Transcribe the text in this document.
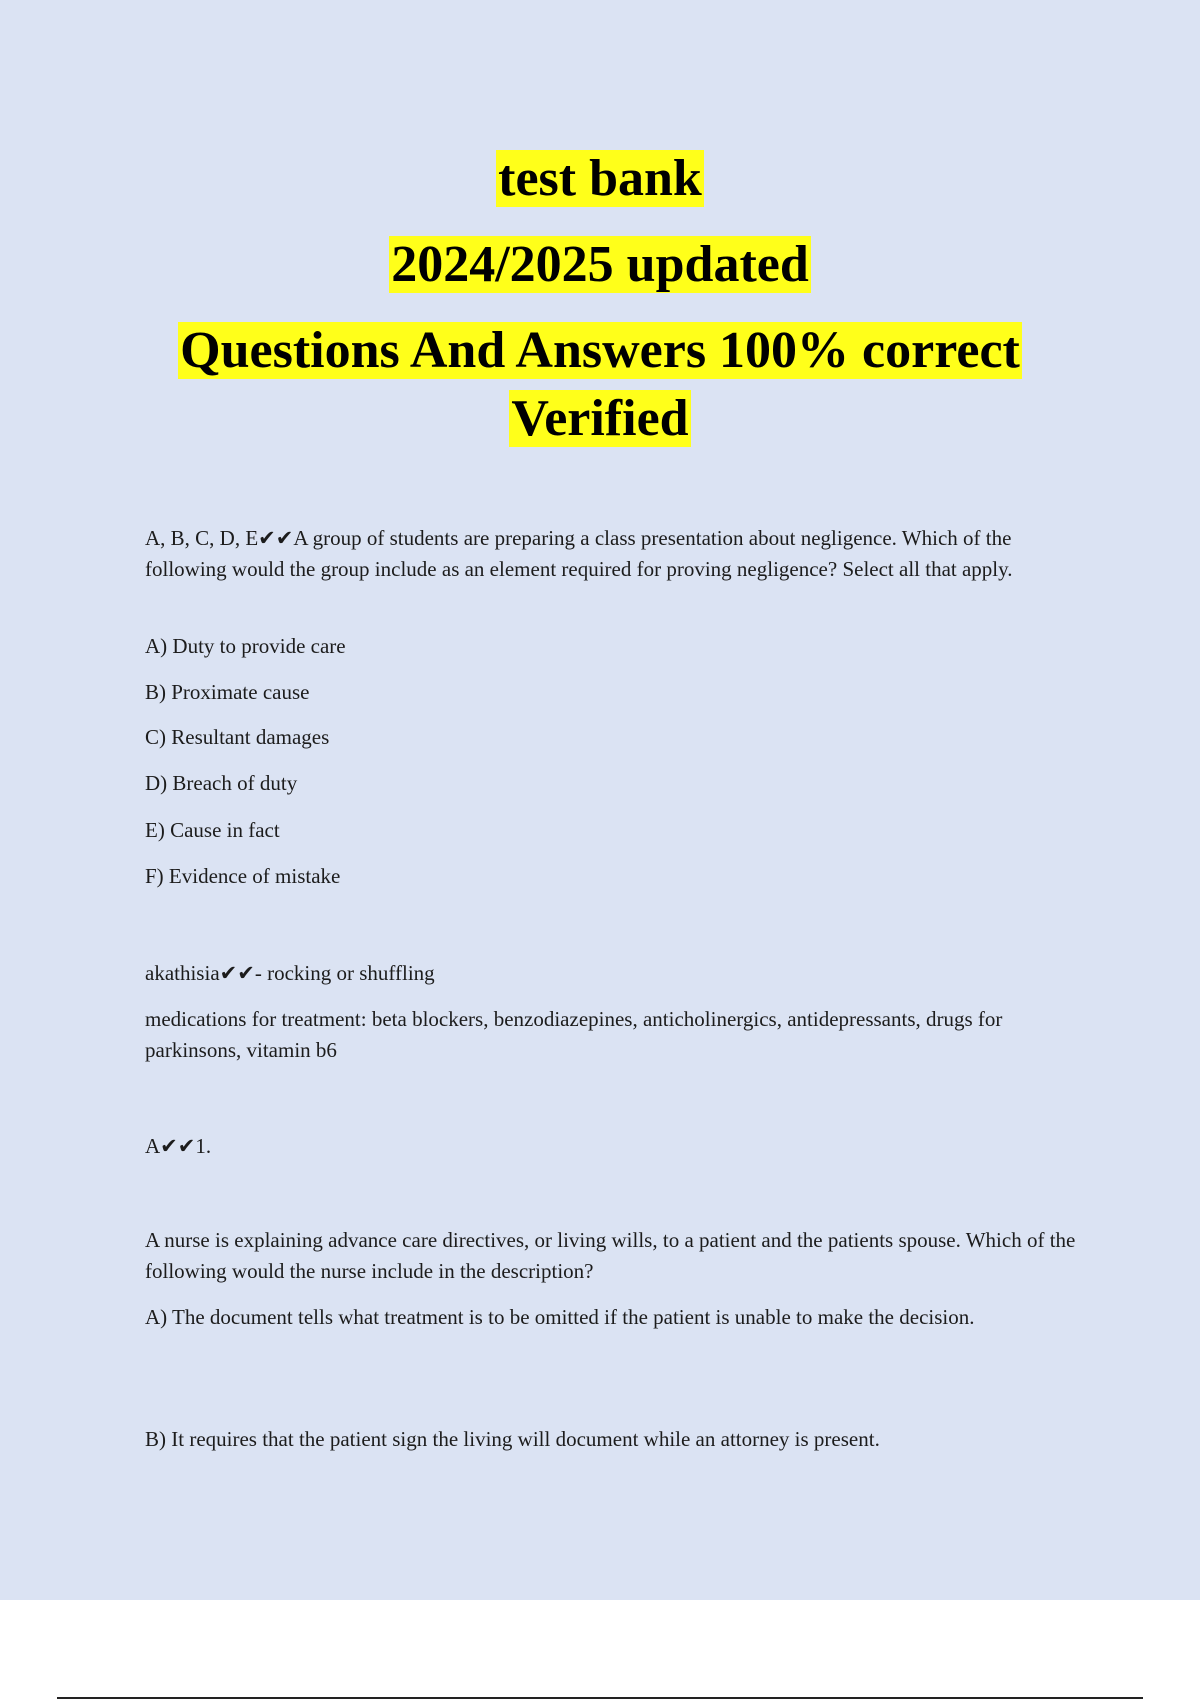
test bank
2024/2025 updated
Questions And Answers 100% correct
Verified

A, B, C, D, E✔✔A group of students are preparing a class presentation about negligence. Which of the following would the group include as an element required for proving negligence? Select all that apply.

A) Duty to provide care

B) Proximate cause

C) Resultant damages

D) Breach of duty

E) Cause in fact

F) Evidence of mistake

akathisia✔✔- rocking or shuffling

medications for treatment: beta blockers, benzodiazepines, anticholinergics, antidepressants, drugs for parkinsons, vitamin b6

A✔✔1.

A nurse is explaining advance care directives, or living wills, to a patient and the patients spouse. Which of the following would the nurse include in the description?

A) The document tells what treatment is to be omitted if the patient is unable to make the decision.

B) It requires that the patient sign the living will document while an attorney is present.
